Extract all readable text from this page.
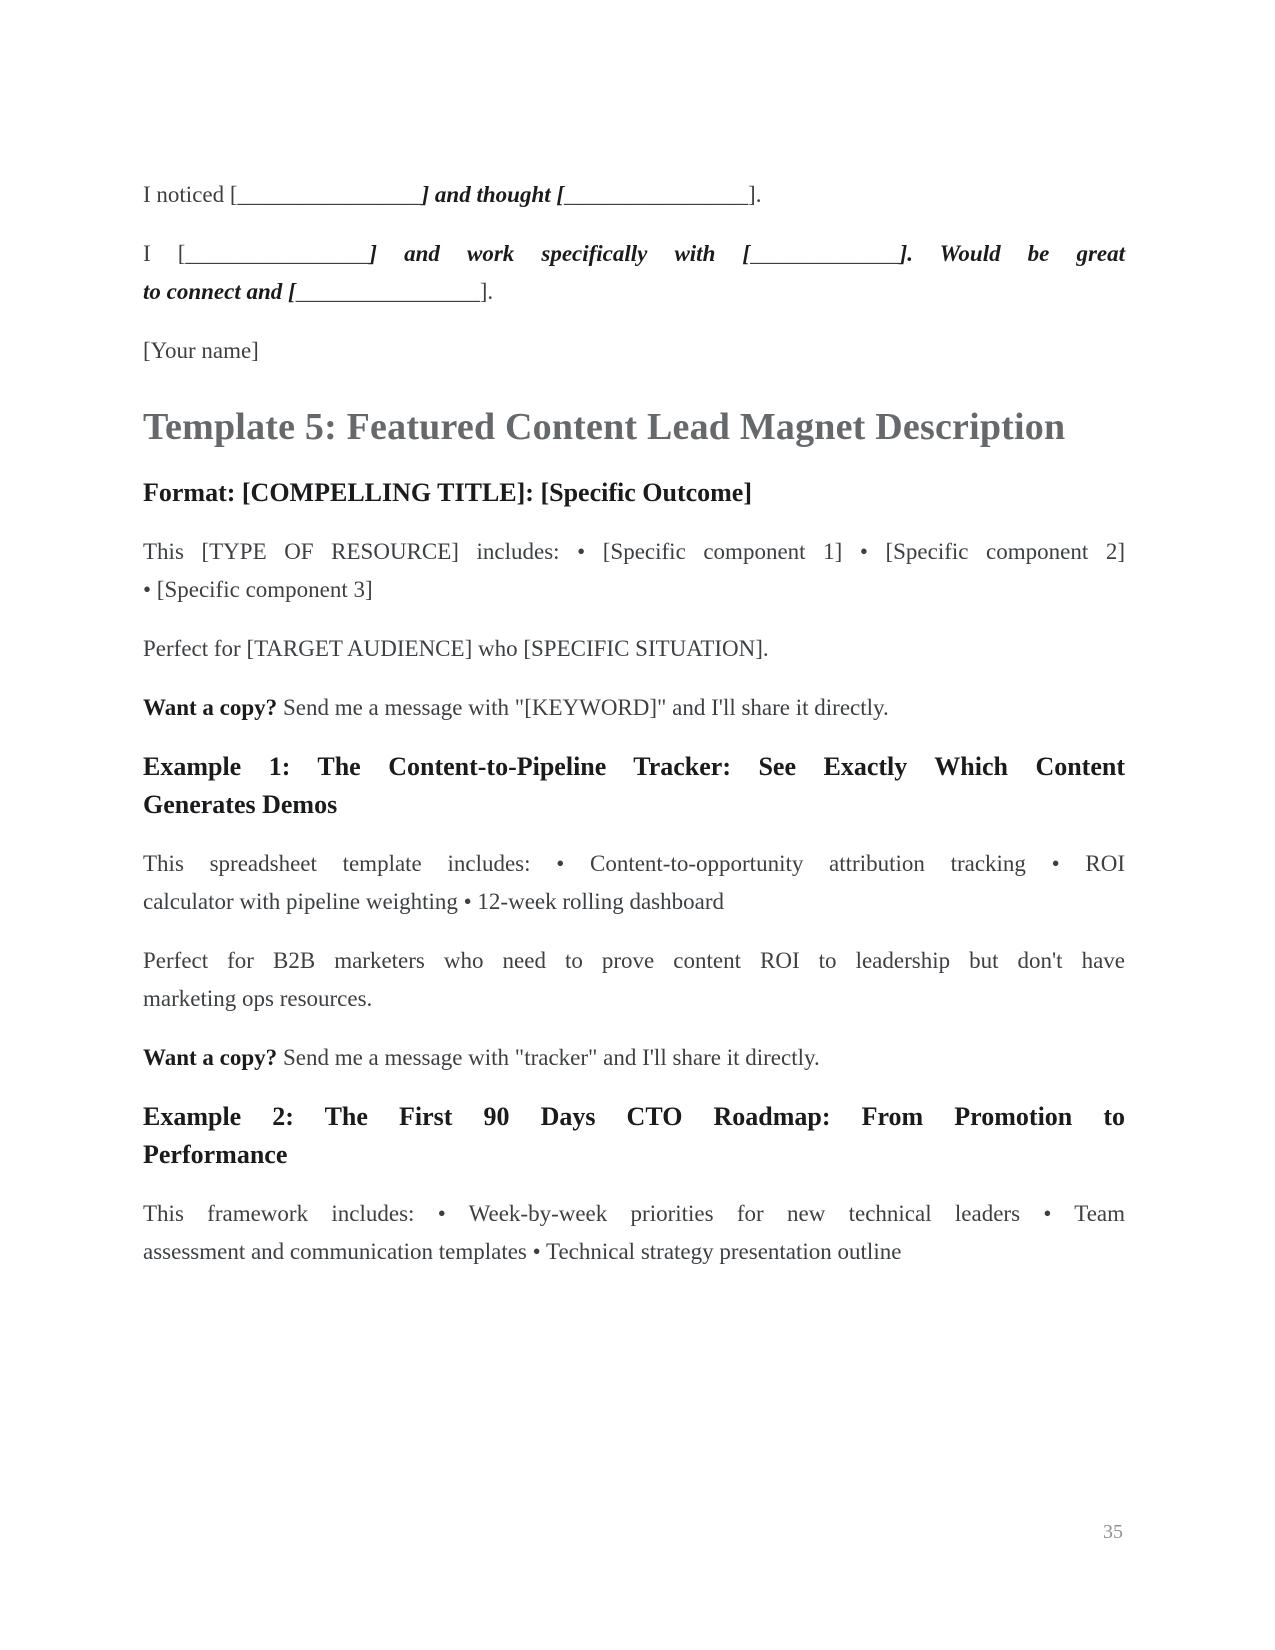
I noticed [________________] and thought [________________].

I [________________] and work specifically with [_____________]. Would be great
to connect and [________________].

[Your name]

Template 5: Featured Content Lead Magnet Description
Format: [COMPELLING TITLE]: [Specific Outcome]

This [TYPE OF RESOURCE] includes: • [Specific component 1] • [Specific component 2]
• [Specific component 3]

Perfect for [TARGET AUDIENCE] who [SPECIFIC SITUATION].

Want a copy? Send me a message with "[KEYWORD]" and I'll share it directly.

Example 1: The Content-to-Pipeline Tracker: See Exactly Which Content
Generates Demos

This spreadsheet template includes: • Content-to-opportunity attribution tracking • ROI
calculator with pipeline weighting • 12-week rolling dashboard

Perfect for B2B marketers who need to prove content ROI to leadership but don't have
marketing ops resources.

Want a copy? Send me a message with "tracker" and I'll share it directly.

Example 2: The First 90 Days CTO Roadmap: From Promotion to
Performance

This framework includes: • Week-by-week priorities for new technical leaders • Team
assessment and communication templates • Technical strategy presentation outline

35
